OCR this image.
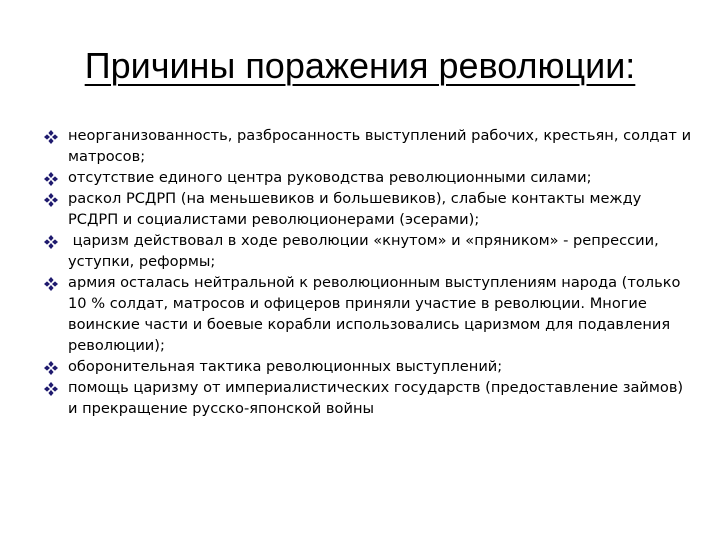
Причины поражения революции:

неорганизованность, разбросанность выступлений рабочих, крестьян, солдат и матросов;

отсутствие единого центра руководства революционными силами;

раскол РСДРП (на меньшевиков и большевиков), слабые контакты между РСДРП и социалистами революционерами (эсерами);

царизм действовал в ходе революции «кнутом» и «пряником» - репрессии, уступки, реформы;

армия осталась нейтральной к революционным выступлениям народа (только 10 % солдат, матросов и офицеров приняли участие в революции. Многие воинские части и боевые корабли использовались царизмом для подавления революции);

оборонительная тактика революционных выступлений;

помощь царизму от империалистических государств (предоставление займов) и прекращение русско-японской войны
